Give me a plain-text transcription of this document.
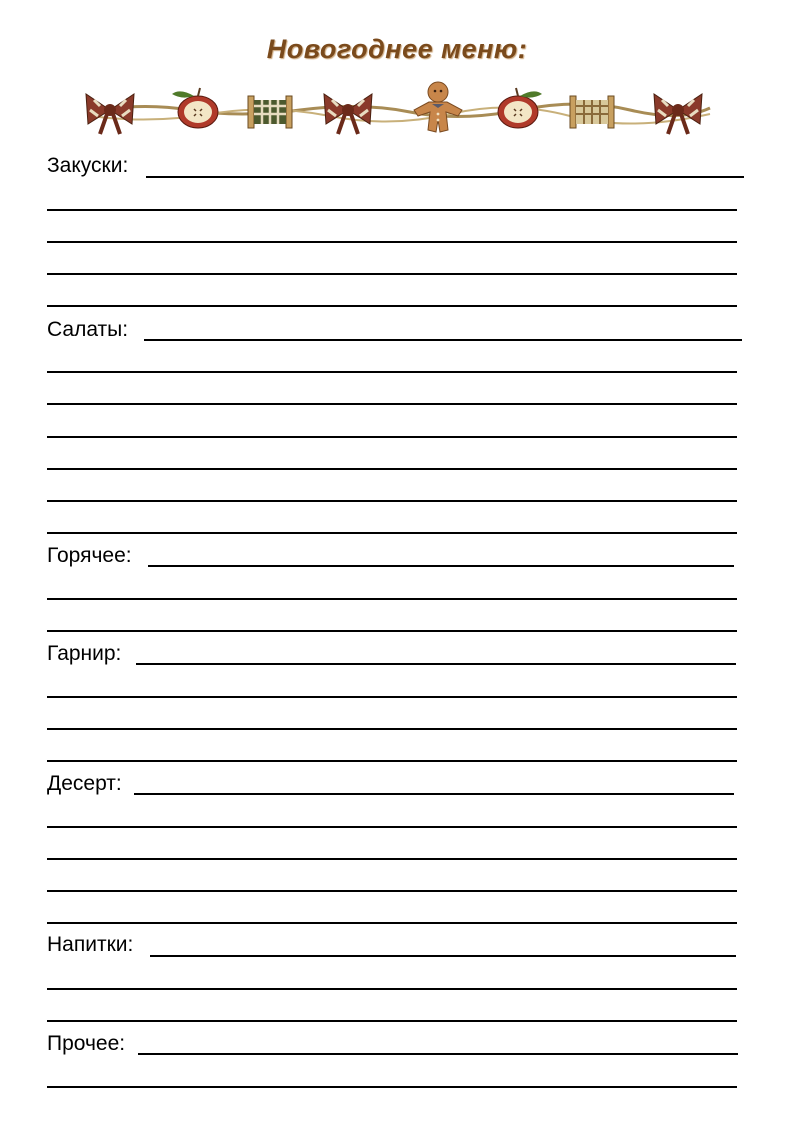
Новогоднее меню:
Закуски:
Салаты:
Горячее:
Гарнир:
Десерт:
Напитки:
Прочее:
